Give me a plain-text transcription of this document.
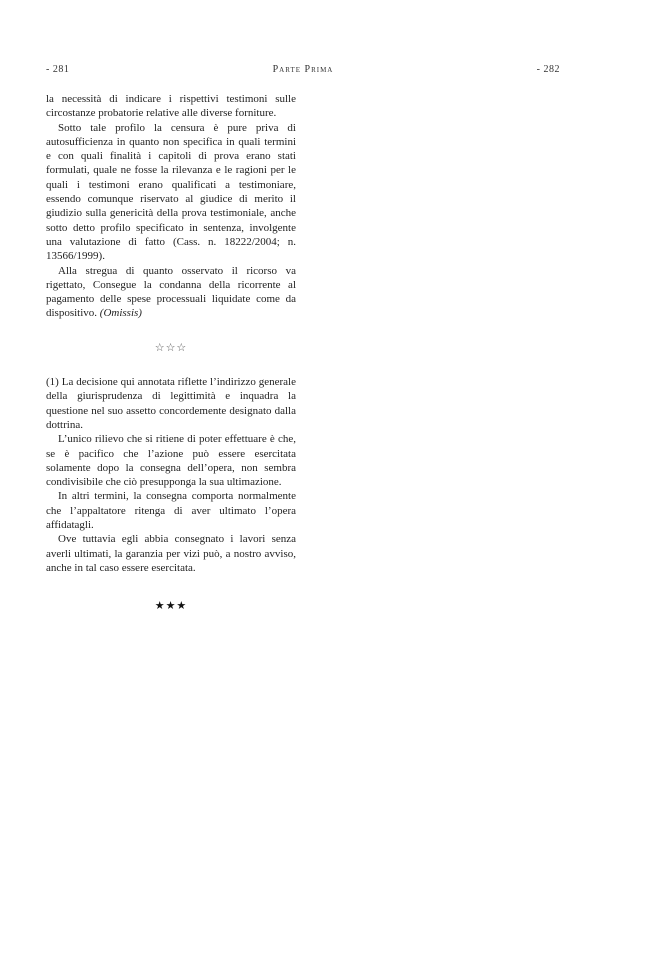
- 281	Parte Prima	- 282

la necessità di indicare i rispettivi testimoni sulle circostanze probatorie relative alle diverse forniture.

Sotto tale profilo la censura è pure priva di autosufficienza in quanto non specifica in quali termini e con quali finalità i capitoli di prova erano stati formulati, quale ne fosse la rilevanza e le ragioni per le quali i testimoni erano qualificati a testimoniare, essendo comunque riservato al giudice di merito il giudizio sulla genericità della prova testimoniale, anche sotto detto profilo specificato in sentenza, involgente una valutazione di fatto (Cass. n. 18222/2004; n. 13566/1999).

Alla stregua di quanto osservato il ricorso va rigettato, Consegue la condanna della ricorrente al pagamento delle spese processuali liquidate come da dispositivo. (Omissis)

☆☆☆

(1) La decisione qui annotata riflette l’indirizzo generale della giurisprudenza di legittimità e inquadra la questione nel suo assetto concordemente designato dalla dottrina.

L’unico rilievo che si ritiene di poter effettuare è che, se è pacifico che l’azione può essere esercitata solamente dopo la consegna dell’opera, non sembra condivisibile che ciò presupponga la sua ultimazione.

In altri termini, la consegna comporta normalmente che l’appaltatore ritenga di aver ultimato l’opera affidatagli.

Ove tuttavia egli abbia consegnato i lavori senza averli ultimati, la garanzia per vizi può, a nostro avviso, anche in tal caso essere esercitata.

★★★
